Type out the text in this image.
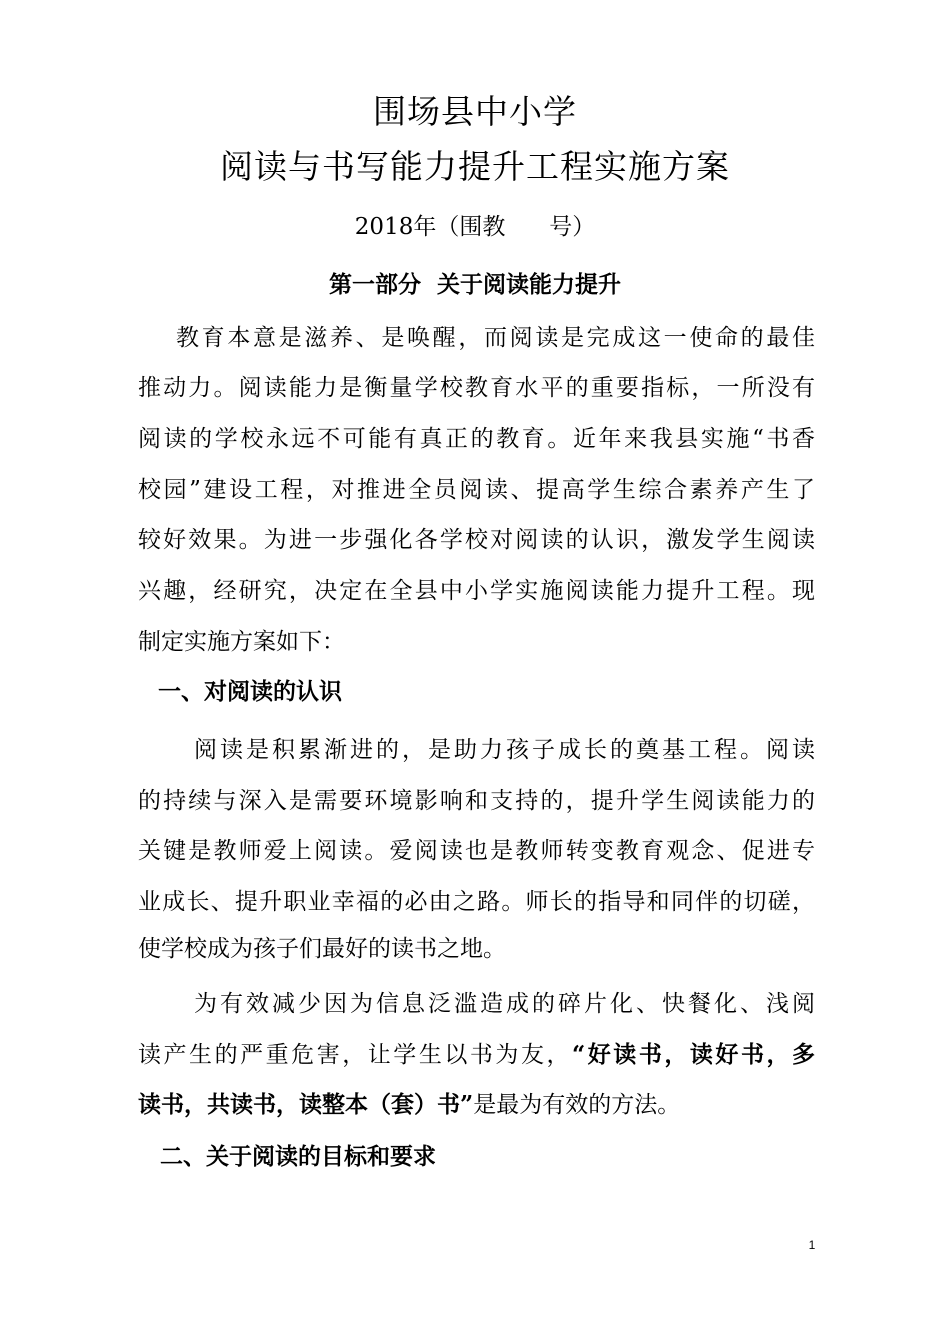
围场县中小学
阅读与书写能力提升工程实施方案
2018年（围教      号）
第一部分  关于阅读能力提升
教育本意是滋养、是唤醒，而阅读是完成这一使命的最佳
推动力。阅读能力是衡量学校教育水平的重要指标，一所没有
阅读的学校永远不可能有真正的教育。近年来我县实施“书香
校园”建设工程，对推进全员阅读、提高学生综合素养产生了
较好效果。为进一步强化各学校对阅读的认识，激发学生阅读
兴趣，经研究，决定在全县中小学实施阅读能力提升工程。现
制定实施方案如下：
一、对阅读的认识
阅读是积累渐进的，是助力孩子成长的奠基工程。阅读
的持续与深入是需要环境影响和支持的，提升学生阅读能力的
关键是教师爱上阅读。爱阅读也是教师转变教育观念、促进专
业成长、提升职业幸福的必由之路。师长的指导和同伴的切磋，
使学校成为孩子们最好的读书之地。
为有效减少因为信息泛滥造成的碎片化、快餐化、浅阅
读产生的严重危害，让学生以书为友，“好读书，读好书，多
读书，共读书，读整本（套）书”是最为有效的方法。
二、关于阅读的目标和要求
1
